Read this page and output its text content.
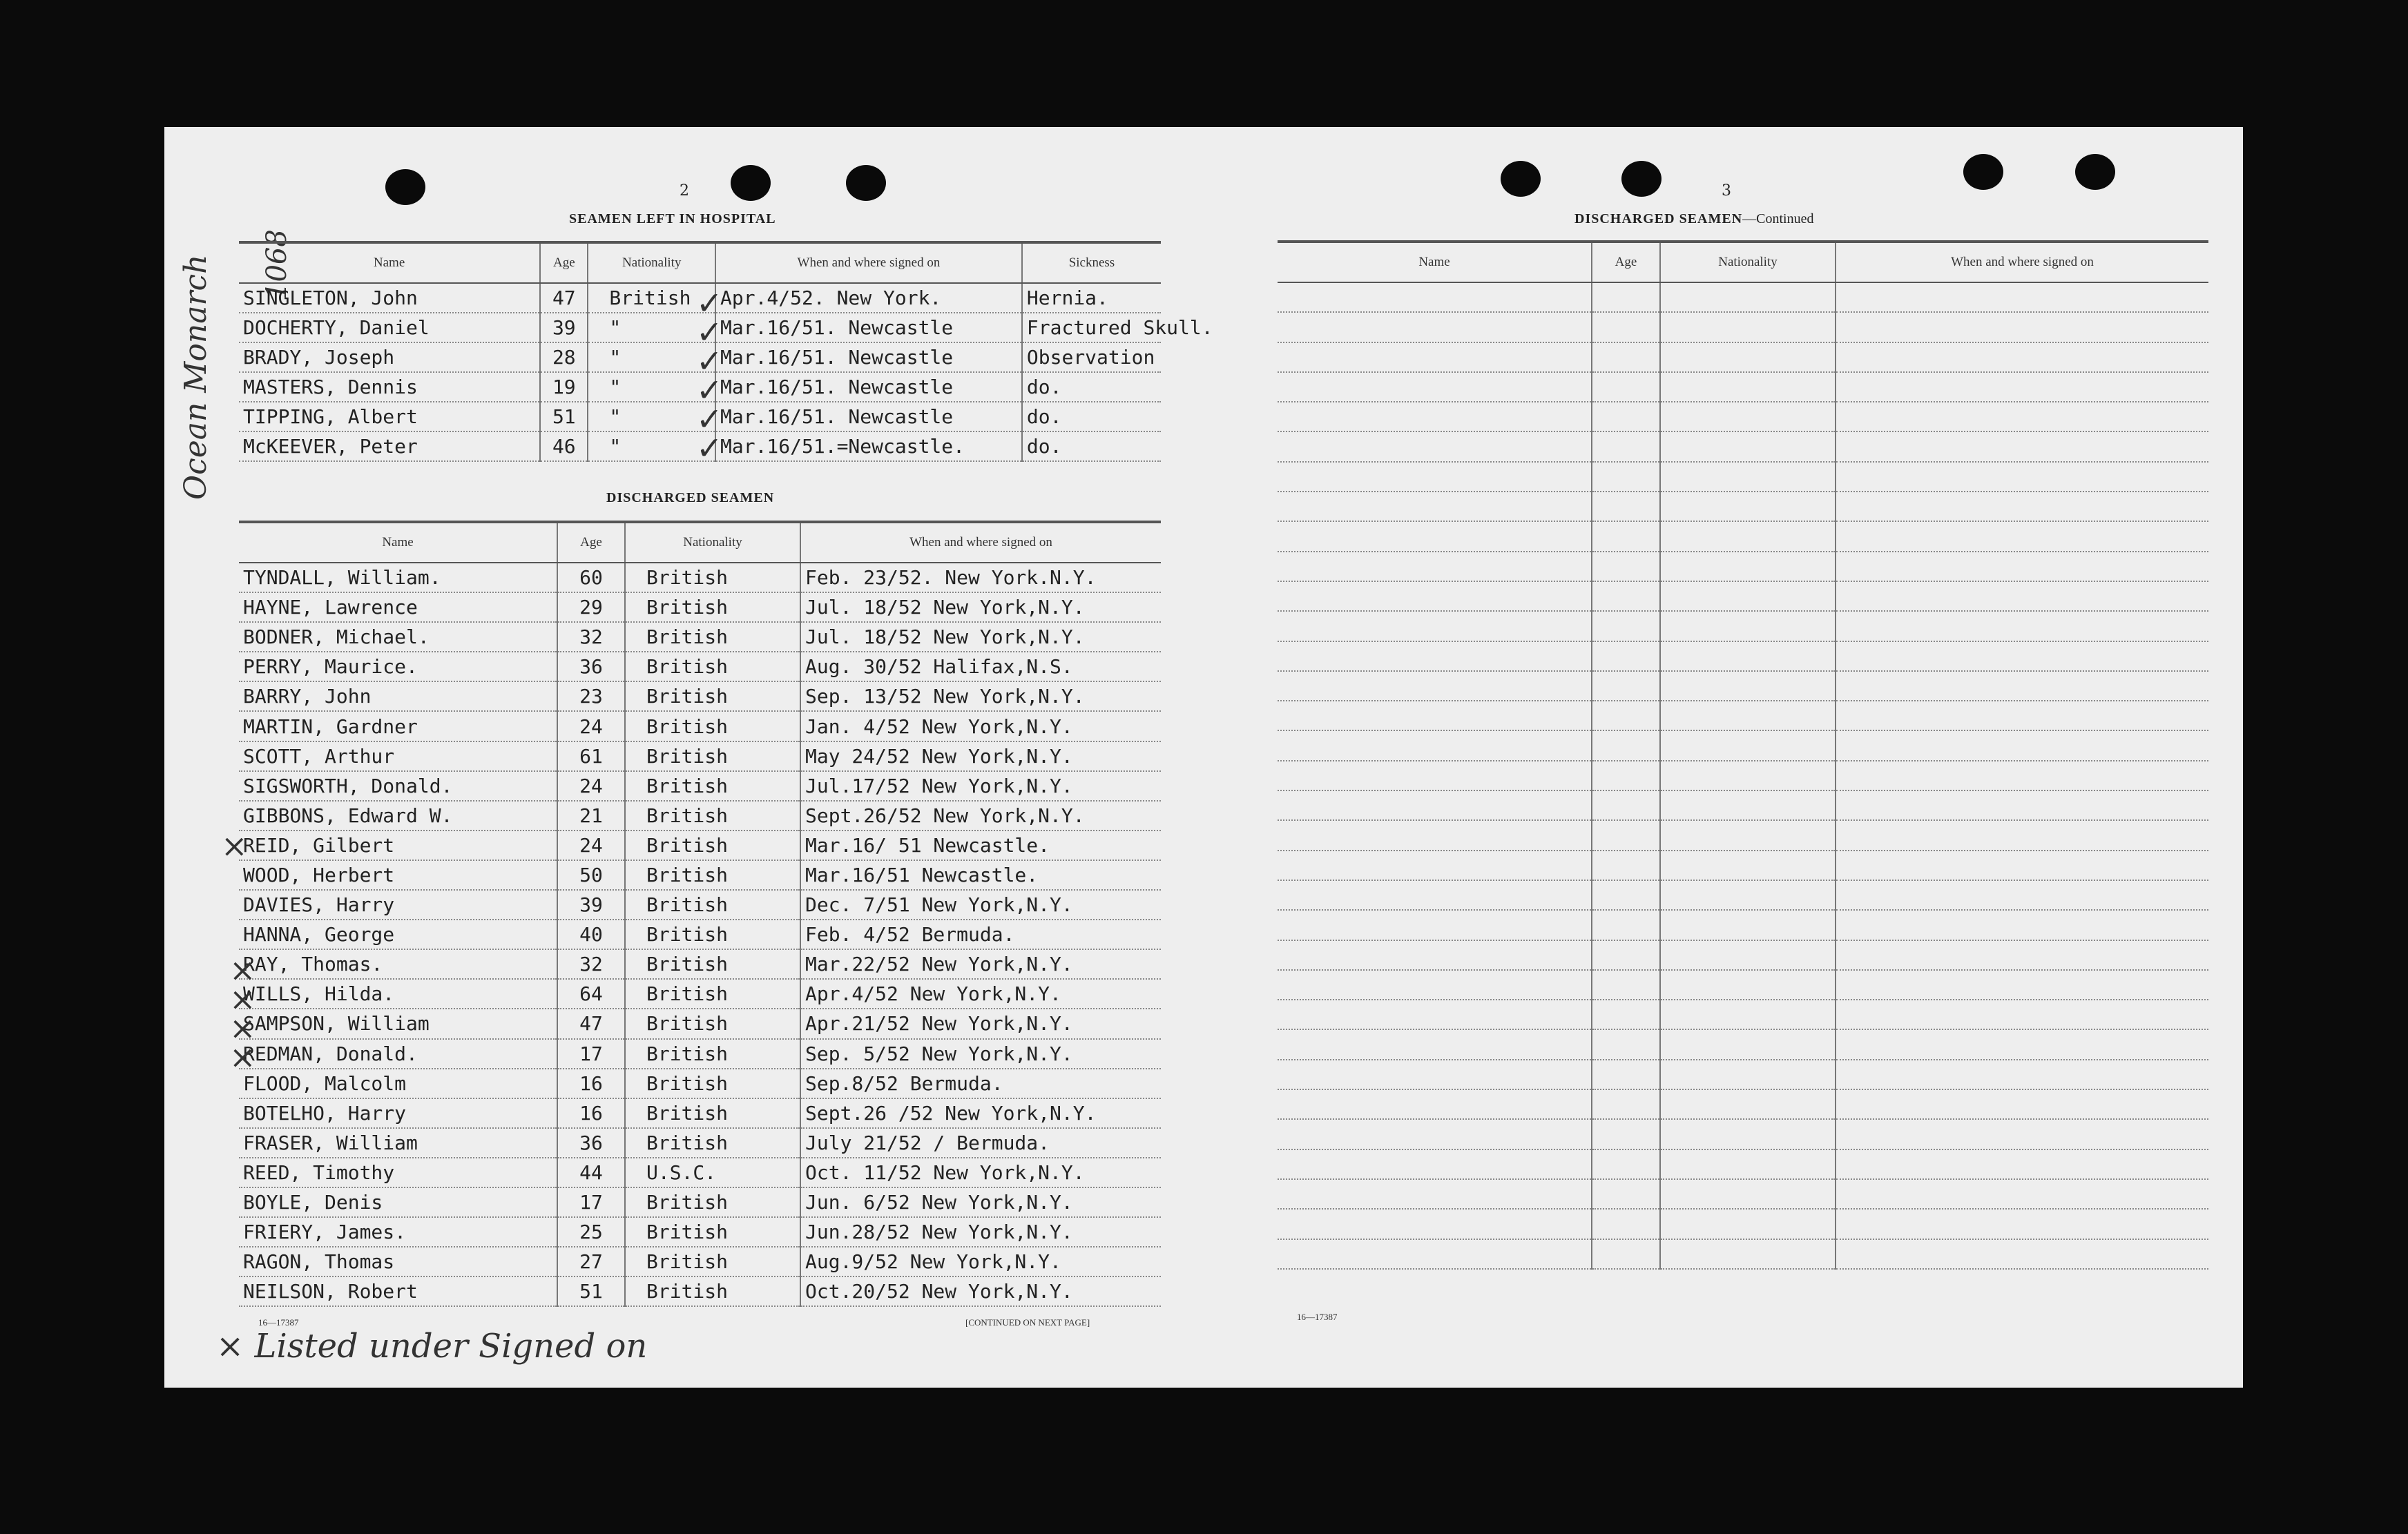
Ocean Monarch 1068
2
SEAMEN LEFT IN HOSPITAL
Name	Age	Nationality	When and where signed on	Sickness
SINGLETON, John	47	British	Apr.4/52. New York.	Hernia.
DOCHERTY, Daniel	39	"	Mar.16/51. Newcastle	Fractured Skull.
BRADY, Joseph	28	"	Mar.16/51. Newcastle	Observation
MASTERS, Dennis	19	"	Mar.16/51. Newcastle	do.
TIPPING, Albert	51	"	Mar.16/51. Newcastle	do.
McKEEVER, Peter	46	"	Mar.16/51.=Newcastle.	do.
DISCHARGED SEAMEN
Name	Age	Nationality	When and where signed on
TYNDALL, William.	60	British	Feb. 23/52. New York.N.Y.
HAYNE, Lawrence	29	British	Jul. 18/52 New York,N.Y.
BODNER, Michael.	32	British	Jul. 18/52 New York,N.Y.
PERRY, Maurice.	36	British	Aug. 30/52 Halifax,N.S.
BARRY, John	23	British	Sep. 13/52 New York,N.Y.
MARTIN, Gardner	24	British	Jan. 4/52 New York,N.Y.
SCOTT, Arthur	61	British	May 24/52 New York,N.Y.
SIGSWORTH, Donald.	24	British	Jul.17/52 New York,N.Y.
GIBBONS, Edward W.	21	British	Sept.26/52 New York,N.Y.
REID, Gilbert	24	British	Mar.16/ 51 Newcastle.
WOOD, Herbert	50	British	Mar.16/51 Newcastle.
DAVIES, Harry	39	British	Dec. 7/51 New York,N.Y.
HANNA, George	40	British	Feb. 4/52 Bermuda.
RAY, Thomas.	32	British	Mar.22/52 New York,N.Y.
WILLS, Hilda.	64	British	Apr.4/52 New York,N.Y.
SAMPSON, William	47	British	Apr.21/52 New York,N.Y.
REDMAN, Donald.	17	British	Sep. 5/52 New York,N.Y.
FLOOD, Malcolm	16	British	Sep.8/52 Bermuda.
BOTELHO, Harry	16	British	Sept.26 /52 New York,N.Y.
FRASER, William	36	British	July 21/52 / Bermuda.
REED, Timothy	44	U.S.C.	Oct. 11/52 New York,N.Y.
BOYLE, Denis	17	British	Jun. 6/52 New York,N.Y.
FRIERY, James.	25	British	Jun.28/52 New York,N.Y.
RAGON, Thomas	27	British	Aug.9/52 New York,N.Y.
NEILSON, Robert	51	British	Oct.20/52 New York,N.Y.
16—17387	[CONTINUED ON NEXT PAGE]
✓
✓
✓
✓
✓
✓
×
×
×
×
×
× Listed under Signed on
3
DISCHARGED SEAMEN—Continued
Name	Age	Nationality	When and where signed on

16—17387
